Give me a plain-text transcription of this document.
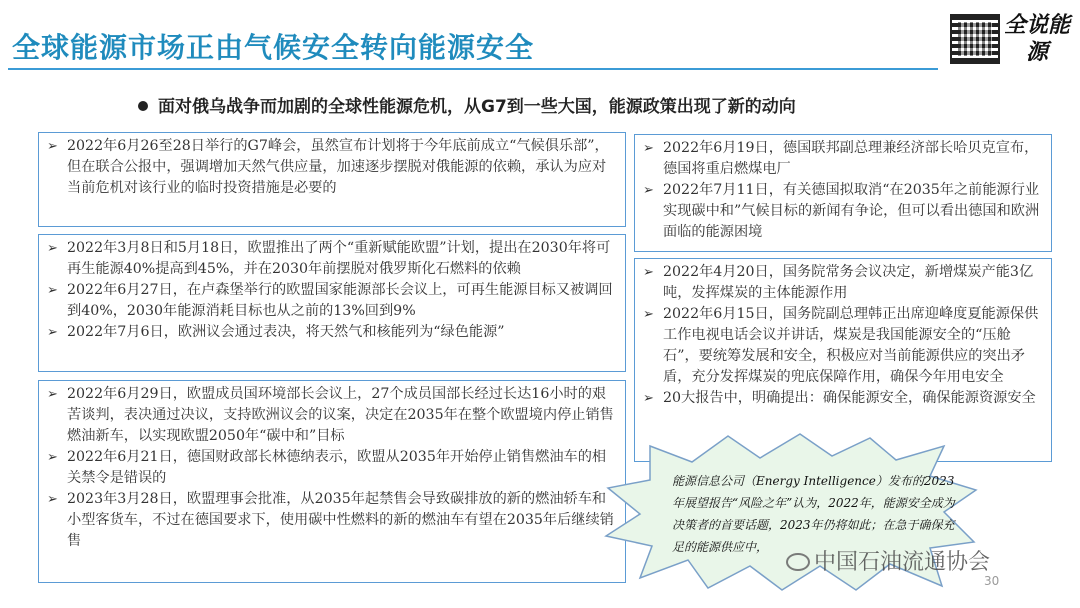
全球能源市场正由气候安全转向能源安全
全说能源
面对俄乌战争而加剧的全球性能源危机，从G7到一些大国，能源政策出现了新的动向
➢ 2022年6月26至28日举行的G7峰会，虽然宣布计划将于今年底前成立“气候俱乐部”，但在联合公报中，强调增加天然气供应量，加速逐步摆脱对俄能源的依赖，承认为应对当前危机对该行业的临时投资措施是必要的
➢ 2022年3月8日和5月18日，欧盟推出了两个“重新赋能欧盟”计划，提出在2030年将可再生能源40%提高到45%，并在2030年前摆脱对俄罗斯化石燃料的依赖
➢ 2022年6月27日，在卢森堡举行的欧盟国家能源部长会议上，可再生能源目标又被调回到40%，2030年能源消耗目标也从之前的13%回到9%
➢ 2022年7月6日，欧洲议会通过表决，将天然气和核能列为“绿色能源”
➢ 2022年6月29日，欧盟成员国环境部长会议上，27个成员国部长经过长达16小时的艰苦谈判，表决通过决议，支持欧洲议会的议案，决定在2035年在整个欧盟境内停止销售燃油新车，以实现欧盟2050年“碳中和”目标
➢ 2022年6月21日，德国财政部长林德纳表示，欧盟从2035年开始停止销售燃油车的相关禁令是错误的
➢ 2023年3月28日，欧盟理事会批准，从2035年起禁售会导致碳排放的新的燃油轿车和小型客货车，不过在德国要求下，使用碳中性燃料的新的燃油车有望在2035年后继续销售
➢ 2022年6月19日，德国联邦副总理兼经济部长哈贝克宣布，德国将重启燃煤电厂
➢ 2022年7月11日，有关德国拟取消“在2035年之前能源行业实现碳中和”气候目标的新闻有争论，但可以看出德国和欧洲面临的能源困境
➢ 2022年4月20日，国务院常务会议决定，新增煤炭产能3亿吨，发挥煤炭的主体能源作用
➢ 2022年6月15日，国务院副总理韩正出席迎峰度夏能源保供工作电视电话会议并讲话，煤炭是我国能源安全的“压舱石”，要统筹发展和安全，积极应对当前能源供应的突出矛盾，充分发挥煤炭的兜底保障作用，确保今年用电安全
➢ 20大报告中，明确提出：确保能源安全，确保能源资源安全
能源信息公司（Energy Intelligence）发布的2023年展望报告“风险之年”认为，2022年，能源安全成为决策者的首要话题，2023年仍将如此；在急于确保充足的能源供应中，
中国石油流通协会
30
